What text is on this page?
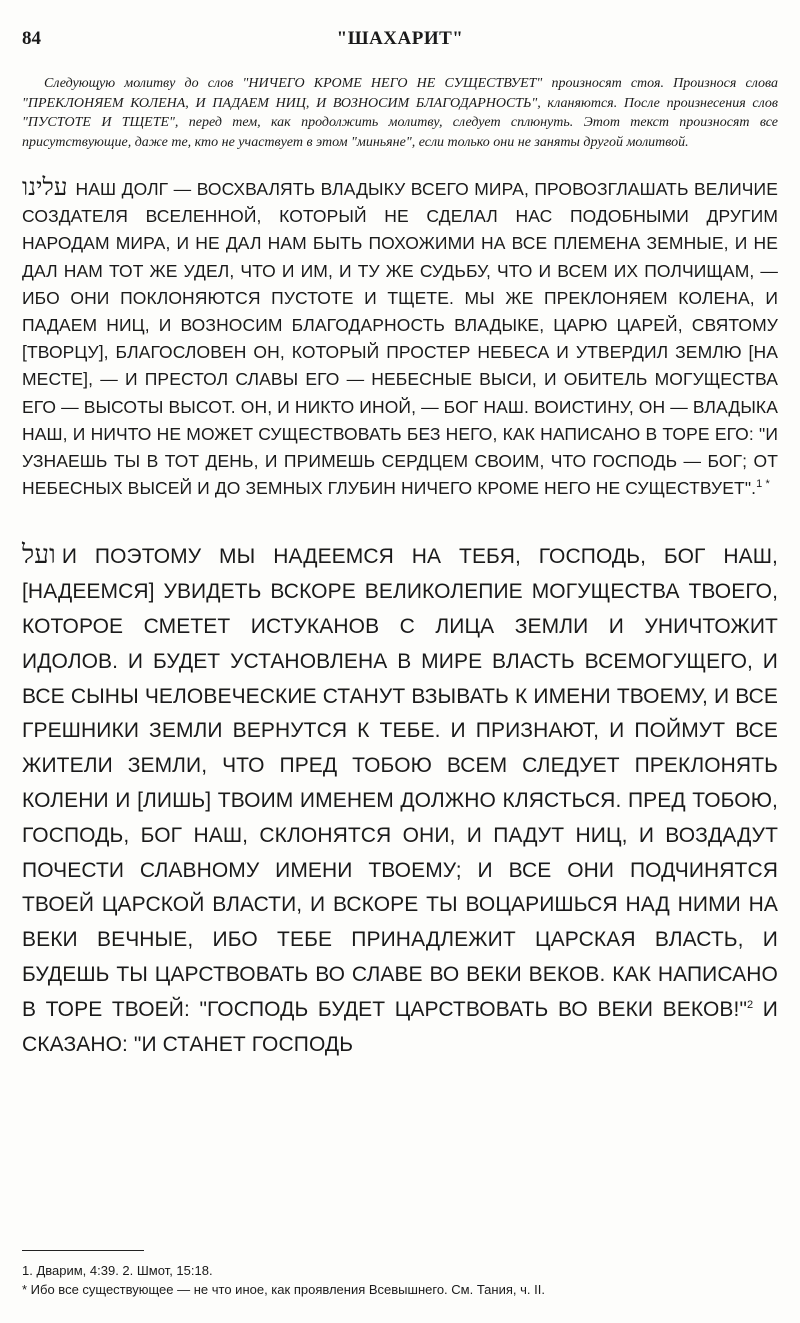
84	"ШАХАРИТ"

Следующую молитву до слов "НИЧЕГО КРОМЕ НЕГО НЕ СУЩЕСТВУЕТ" произносят стоя. Произнося слова "ПРЕКЛОНЯЕМ КОЛЕНА, И ПАДАЕМ НИЦ, И ВОЗНОСИМ БЛАГОДАРНОСТЬ", кланяются. После произнесения слов "ПУСТОТЕ И ТЩЕТЕ", перед тем, как продолжить молитву, следует сплюнуть. Этот текст произносят все присутствующие, даже те, кто не участвует в этом "миньяне", если только они не заняты другой молитвой.

עלינו НАШ ДОЛГ — ВОСХВАЛЯТЬ ВЛАДЫКУ ВСЕГО МИРА, ПРОВОЗГЛАШАТЬ ВЕЛИЧИЕ СОЗДАТЕЛЯ ВСЕЛЕННОЙ, КОТОРЫЙ НЕ СДЕЛАЛ НАС ПОДОБНЫМИ ДРУГИМ НАРОДАМ МИРА, И НЕ ДАЛ НАМ БЫТЬ ПОХОЖИМИ НА ВСЕ ПЛЕМЕНА ЗЕМНЫЕ, И НЕ ДАЛ НАМ ТОТ ЖЕ УДЕЛ, ЧТО И ИМ, И ТУ ЖЕ СУДЬБУ, ЧТО И ВСЕМ ИХ ПОЛЧИЩАМ, — ИБО ОНИ ПОКЛОНЯЮТСЯ ПУСТОТЕ И ТЩЕТЕ. МЫ ЖЕ ПРЕКЛОНЯЕМ КОЛЕНА, И ПАДАЕМ НИЦ, И ВОЗНОСИМ БЛАГОДАРНОСТЬ ВЛАДЫКЕ, ЦАРЮ ЦАРЕЙ, СВЯТОМУ [ТВОРЦУ], БЛАГОСЛОВЕН ОН, КОТОРЫЙ ПРОСТЕР НЕБЕСА И УТВЕРДИЛ ЗЕМЛЮ [НА МЕСТЕ], — И ПРЕСТОЛ СЛАВЫ ЕГО — НЕБЕСНЫЕ ВЫСИ, И ОБИТЕЛЬ МОГУЩЕСТВА ЕГО — ВЫСОТЫ ВЫСОТ. ОН, И НИКТО ИНОЙ, — БОГ НАШ. ВОИСТИНУ, ОН — ВЛАДЫКА НАШ, И НИЧТО НЕ МОЖЕТ СУЩЕСТВОВАТЬ БЕЗ НЕГО, КАК НАПИСАНО В ТОРЕ ЕГО: "И УЗНАЕШЬ ТЫ В ТОТ ДЕНЬ, И ПРИМЕШЬ СЕРДЦЕМ СВОИМ, ЧТО ГОСПОДЬ — БОГ; ОТ НЕБЕСНЫХ ВЫСЕЙ И ДО ЗЕМНЫХ ГЛУБИН НИЧЕГО КРОМЕ НЕГО НЕ СУЩЕСТВУЕТ".$^{1 *}$

ועל И ПОЭТОМУ МЫ НАДЕЕМСЯ НА ТЕБЯ, ГОСПОДЬ, БОГ НАШ, [НАДЕЕМСЯ] УВИДЕТЬ ВСКОРЕ ВЕЛИКОЛЕПИЕ МОГУЩЕСТВА ТВОЕГО, КОТОРОЕ СМЕТЕТ ИСТУКАНОВ С ЛИЦА ЗЕМЛИ И УНИЧТОЖИТ ИДОЛОВ. И БУДЕТ УСТАНОВЛЕНА В МИРЕ ВЛАСТЬ ВСЕМОГУЩЕГО, И ВСЕ СЫНЫ ЧЕЛОВЕЧЕСКИЕ СТАНУТ ВЗЫВАТЬ К ИМЕНИ ТВОЕМУ, И ВСЕ ГРЕШНИКИ ЗЕМЛИ ВЕРНУТСЯ К ТЕБЕ. И ПРИЗНАЮТ, И ПОЙМУТ ВСЕ ЖИТЕЛИ ЗЕМЛИ, ЧТО ПРЕД ТОБОЮ ВСЕМ СЛЕДУЕТ ПРЕКЛОНЯТЬ КОЛЕНИ И [ЛИШЬ] ТВОИМ ИМЕНЕМ ДОЛЖНО КЛЯСТЬСЯ. ПРЕД ТОБОЮ, ГОСПОДЬ, БОГ НАШ, СКЛОНЯТСЯ ОНИ, И ПАДУТ НИЦ, И ВОЗДАДУТ ПОЧЕСТИ СЛАВНОМУ ИМЕНИ ТВОЕМУ; И ВСЕ ОНИ ПОДЧИНЯТСЯ ТВОЕЙ ЦАРСКОЙ ВЛАСТИ, И ВСКОРЕ ТЫ ВОЦАРИШЬСЯ НАД НИМИ НА ВЕКИ ВЕЧНЫЕ, ИБО ТЕБЕ ПРИНАДЛЕЖИТ ЦАРСКАЯ ВЛАСТЬ, И БУДЕШЬ ТЫ ЦАРСТВОВАТЬ ВО СЛАВЕ ВО ВЕКИ ВЕКОВ. КАК НАПИСАНО В ТОРЕ ТВОЕЙ: "ГОСПОДЬ БУДЕТ ЦАРСТВОВАТЬ ВО ВЕКИ ВЕКОВ!"$^2$ И СКАЗАНО: "И СТАНЕТ ГОСПОДЬ

1. Дварим, 4:39. 2. Шмот, 15:18.
* Ибо все существующее — не что иное, как проявления Всевышнего. См. Тания, ч. II.
